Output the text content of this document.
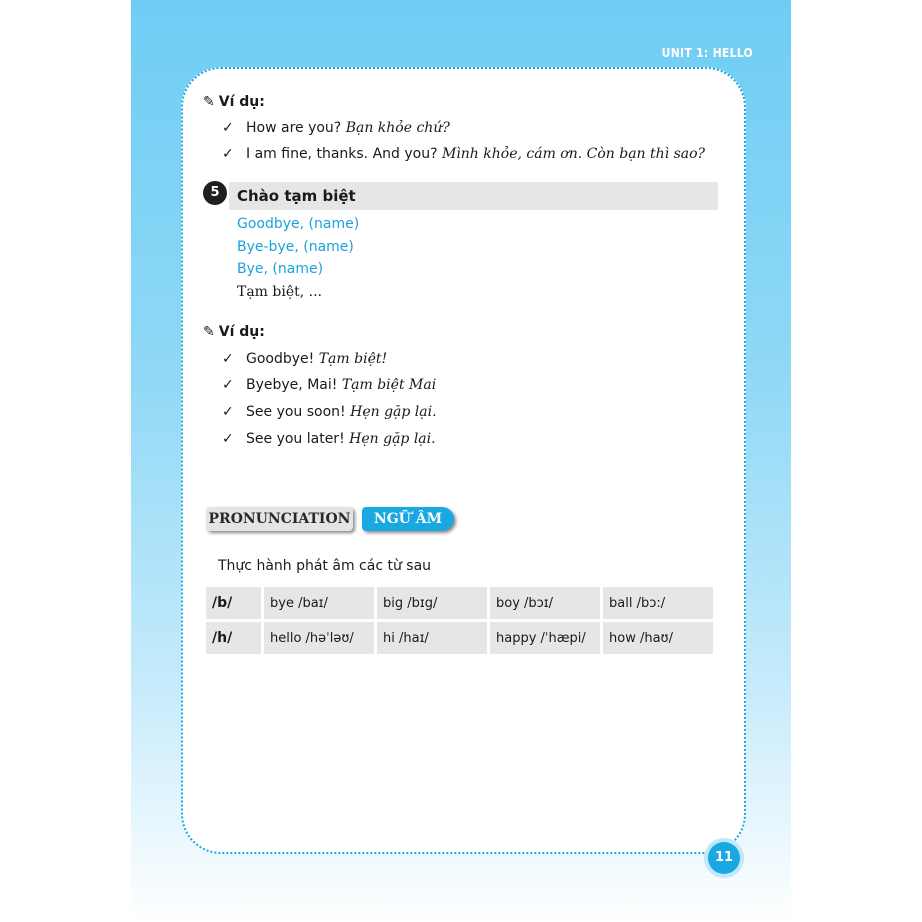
UNIT 1: HELLO
✎ Ví dụ:
✓ How are you? Bạn khỏe chứ?
✓ I am fine, thanks. And you? Mình khỏe, cám ơn. Còn bạn thì sao?
Chào tạm biệt
5
Goodbye, (name)
Bye-bye, (name)
Bye, (name)
Tạm biệt, ...
✎ Ví dụ:
✓ Goodbye! Tạm biệt!
✓ Byebye, Mai! Tạm biệt Mai
✓ See you soon! Hẹn gặp lại.
✓ See you later! Hẹn gặp lại.
PRONUNCIATION	NGỮ ÂM
Thực hành phát âm các từ sau
/b/	bye /baɪ/	big /bɪg/	boy /bɔɪ/	ball /bɔ:/
/h/	hello /həˈləʊ/	hi /haɪ/	happy /ˈhæpi/	how /haʊ/
11
